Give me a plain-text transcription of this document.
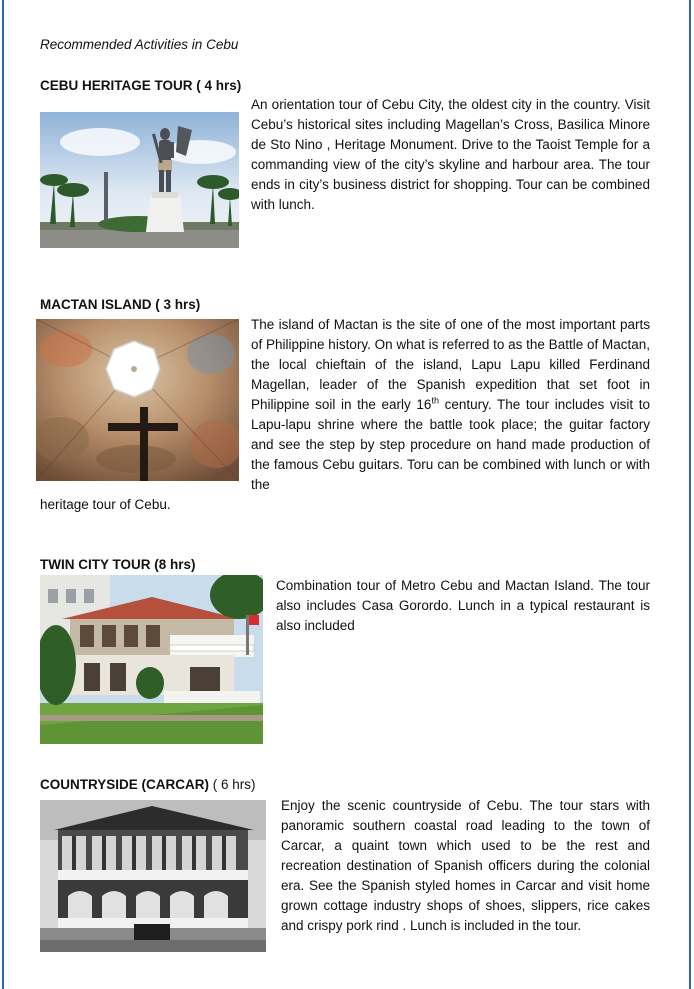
Recommended Activities in Cebu
CEBU HERITAGE TOUR ( 4 hrs)
An orientation tour of Cebu City, the oldest city in the country. Visit Cebu’s historical sites including Magellan’s Cross, Basilica Minore de Sto Nino , Heritage Monument. Drive to the Taoist Temple for a commanding view of the city’s skyline and harbour area. The tour ends in city’s business district for shopping. Tour can be combined with lunch.
MACTAN ISLAND ( 3 hrs)
The island of Mactan is the site of one of the most important parts of Philippine history. On what is referred to as the Battle of Mactan, the local chieftain of the island, Lapu Lapu killed Ferdinand Magellan, leader of the Spanish expedition that set foot in Philippine soil in the early 16th century. The tour includes visit to Lapu-lapu shrine where the battle took place; the guitar factory and see the step by step procedure on hand made production of the famous Cebu guitars. Toru can be combined with lunch or with the
heritage tour of Cebu.
TWIN CITY TOUR (8 hrs)
Combination tour of Metro Cebu and Mactan Island. The tour also includes Casa Gorordo. Lunch in a typical restaurant is also included
COUNTRYSIDE (CARCAR) ( 6 hrs)
Enjoy the scenic countryside of Cebu. The tour stars with panoramic southern coastal road leading to the town of Carcar, a quaint town which used to be the rest and recreation destination of Spanish officers during the colonial era. See the Spanish styled homes in Carcar and visit home grown cottage industry shops of shoes, slippers, rice cakes and crispy pork rind . Lunch is included in the tour.
